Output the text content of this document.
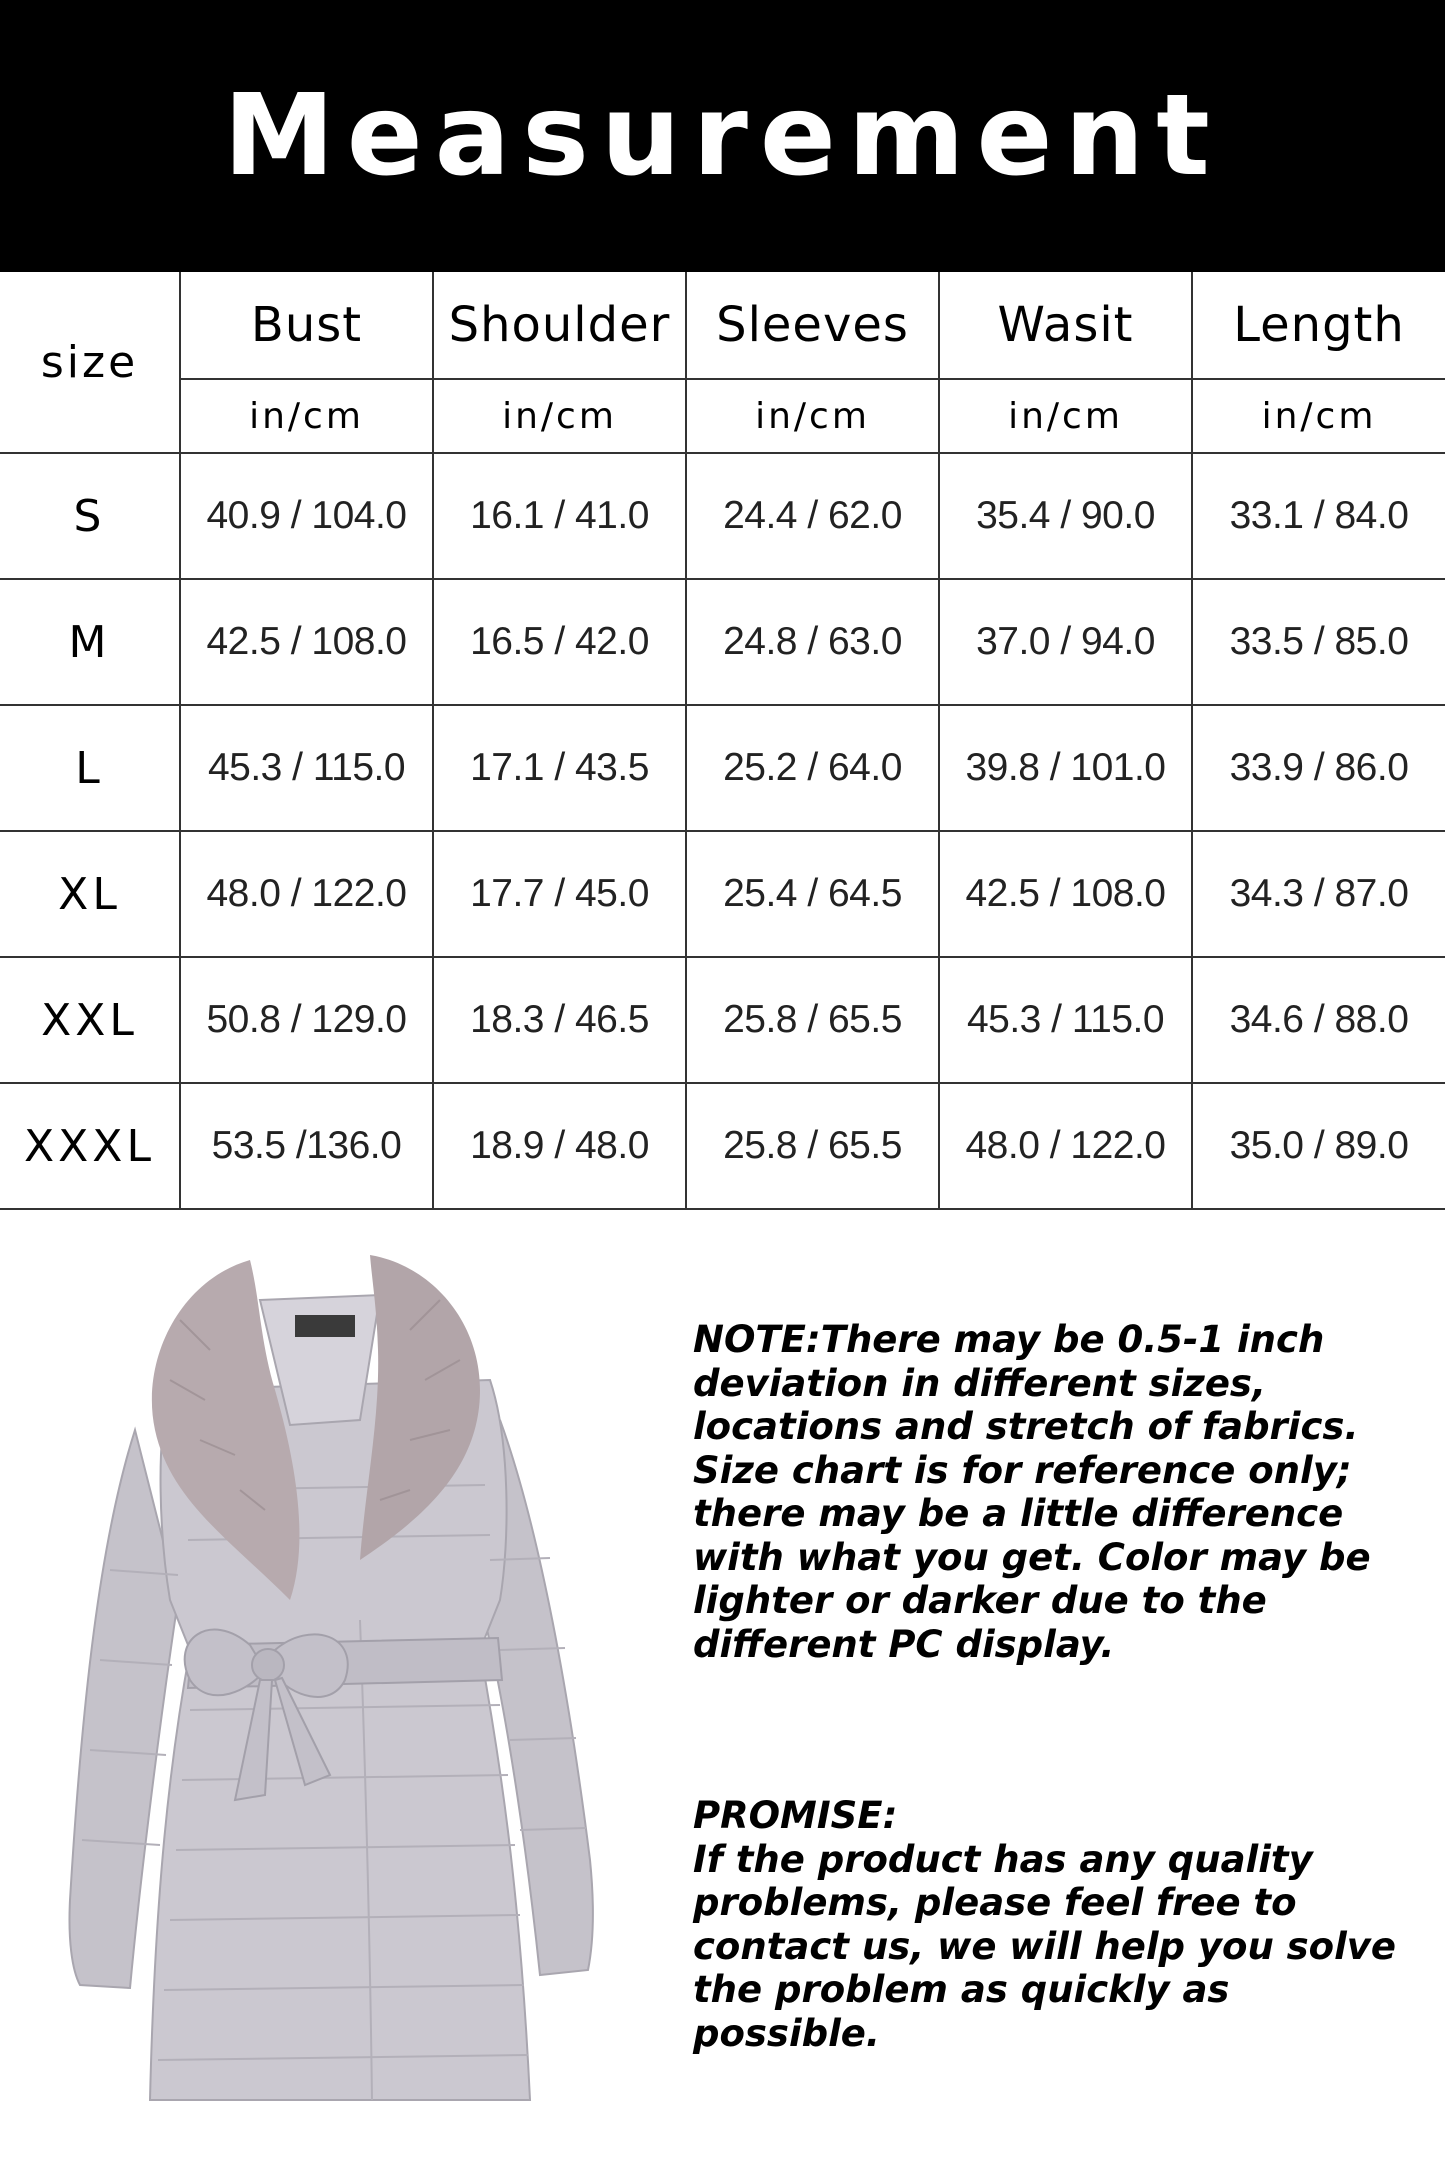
Measurement
size	Bust	Shoulder	Sleeves	Wasit	Length
	in/cm	in/cm	in/cm	in/cm	in/cm
S	40.9 / 104.0	16.1 / 41.0	24.4 / 62.0	35.4 / 90.0	33.1 / 84.0
M	42.5 / 108.0	16.5 / 42.0	24.8 / 63.0	37.0 / 94.0	33.5 / 85.0
L	45.3 / 115.0	17.1 / 43.5	25.2 / 64.0	39.8 / 101.0	33.9 / 86.0
XL	48.0 / 122.0	17.7 / 45.0	25.4 / 64.5	42.5 / 108.0	34.3 / 87.0
XXL	50.8 / 129.0	18.3 / 46.5	25.8 / 65.5	45.3 / 115.0	34.6 / 88.0
XXXL	53.5 /136.0	18.9 / 48.0	25.8 / 65.5	48.0 / 122.0	35.0 / 89.0
NOTE:There may be 0.5-1 inch deviation in different sizes, locations and stretch of fabrics. Size chart is for reference only; there may be a little difference with what you get. Color may be lighter or darker due to the different PC display.

PROMISE:

If the product has any quality problems, please feel free to contact us, we will help you solve the problem as quickly as possible.
